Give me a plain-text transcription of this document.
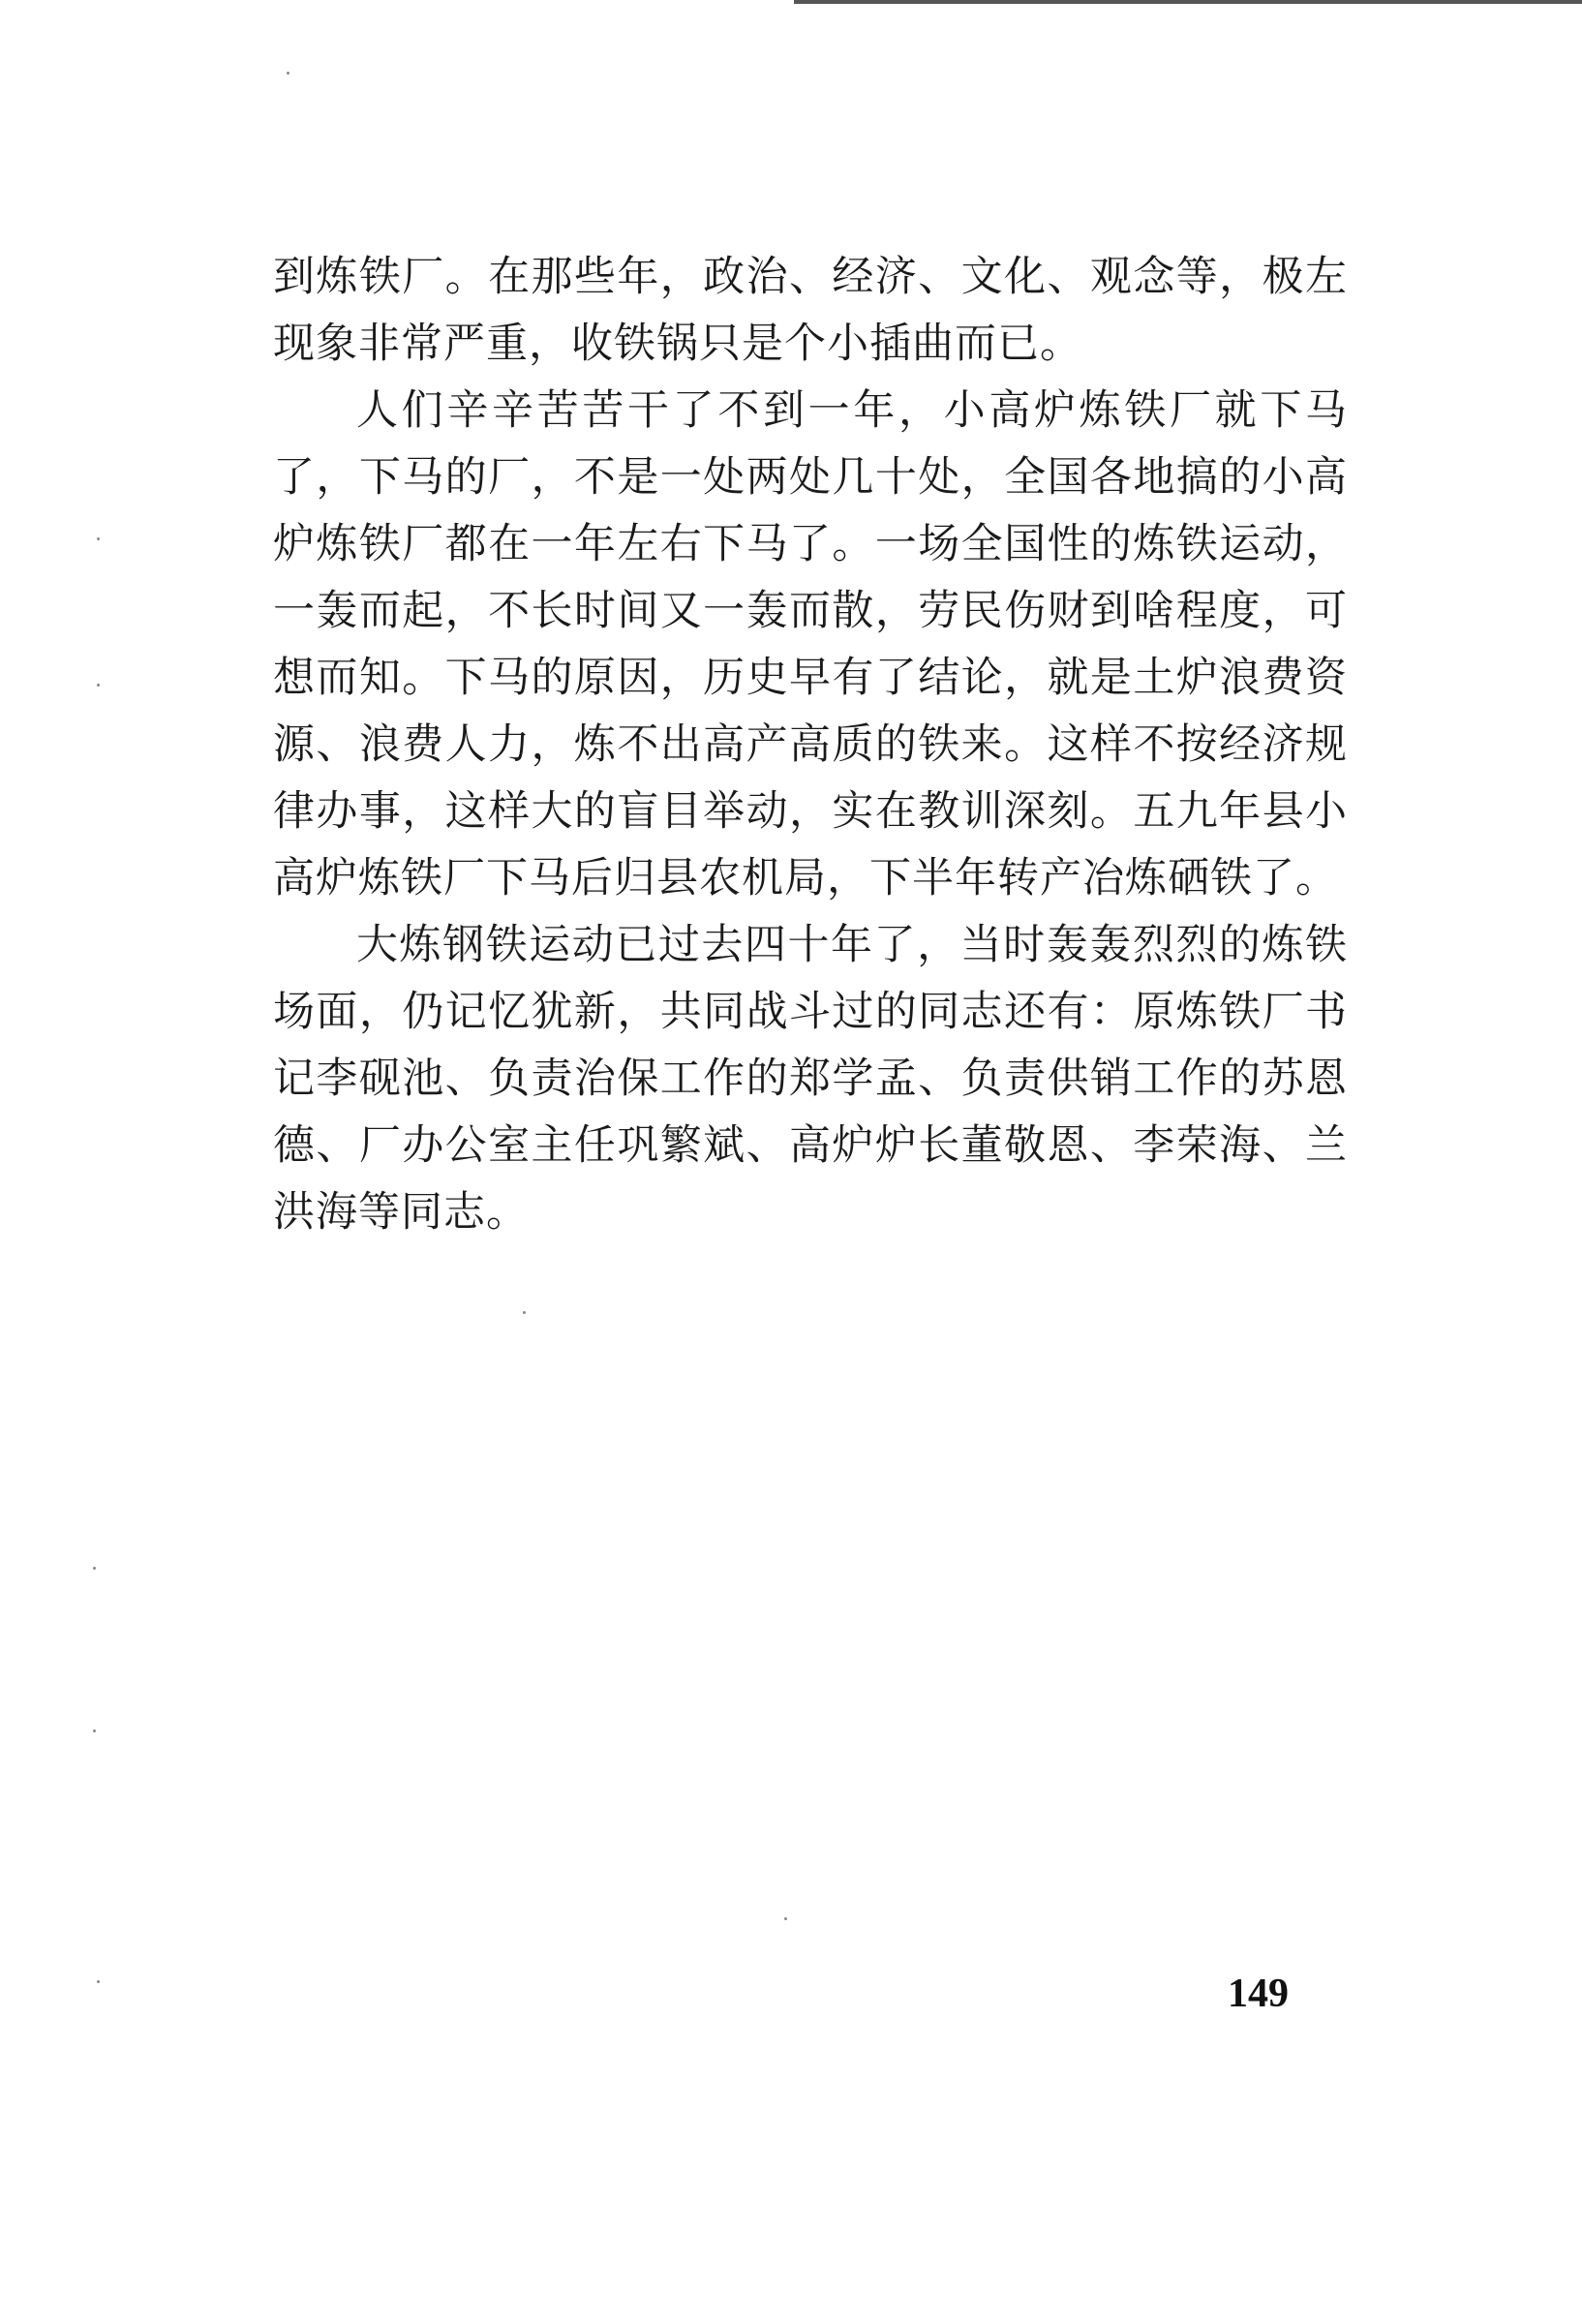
到炼铁厂。在那些年，政治、经济、文化、观念等，极左现象非常严重，收铁锅只是个小插曲而已。

人们辛辛苦苦干了不到一年，小高炉炼铁厂就下马了，下马的厂，不是一处两处几十处，全国各地搞的小高炉炼铁厂都在一年左右下马了。一场全国性的炼铁运动，一轰而起，不长时间又一轰而散，劳民伤财到啥程度，可想而知。下马的原因，历史早有了结论，就是土炉浪费资源、浪费人力，炼不出高产高质的铁来。这样不按经济规律办事，这样大的盲目举动，实在教训深刻。五九年县小高炉炼铁厂下马后归县农机局，下半年转产冶炼硒铁了。

大炼钢铁运动已过去四十年了，当时轰轰烈烈的炼铁场面，仍记忆犹新，共同战斗过的同志还有：原炼铁厂书记李砚池、负责治保工作的郑学孟、负责供销工作的苏恩德、厂办公室主任巩繁斌、高炉炉长董敬恩、李荣海、兰洪海等同志。

149
